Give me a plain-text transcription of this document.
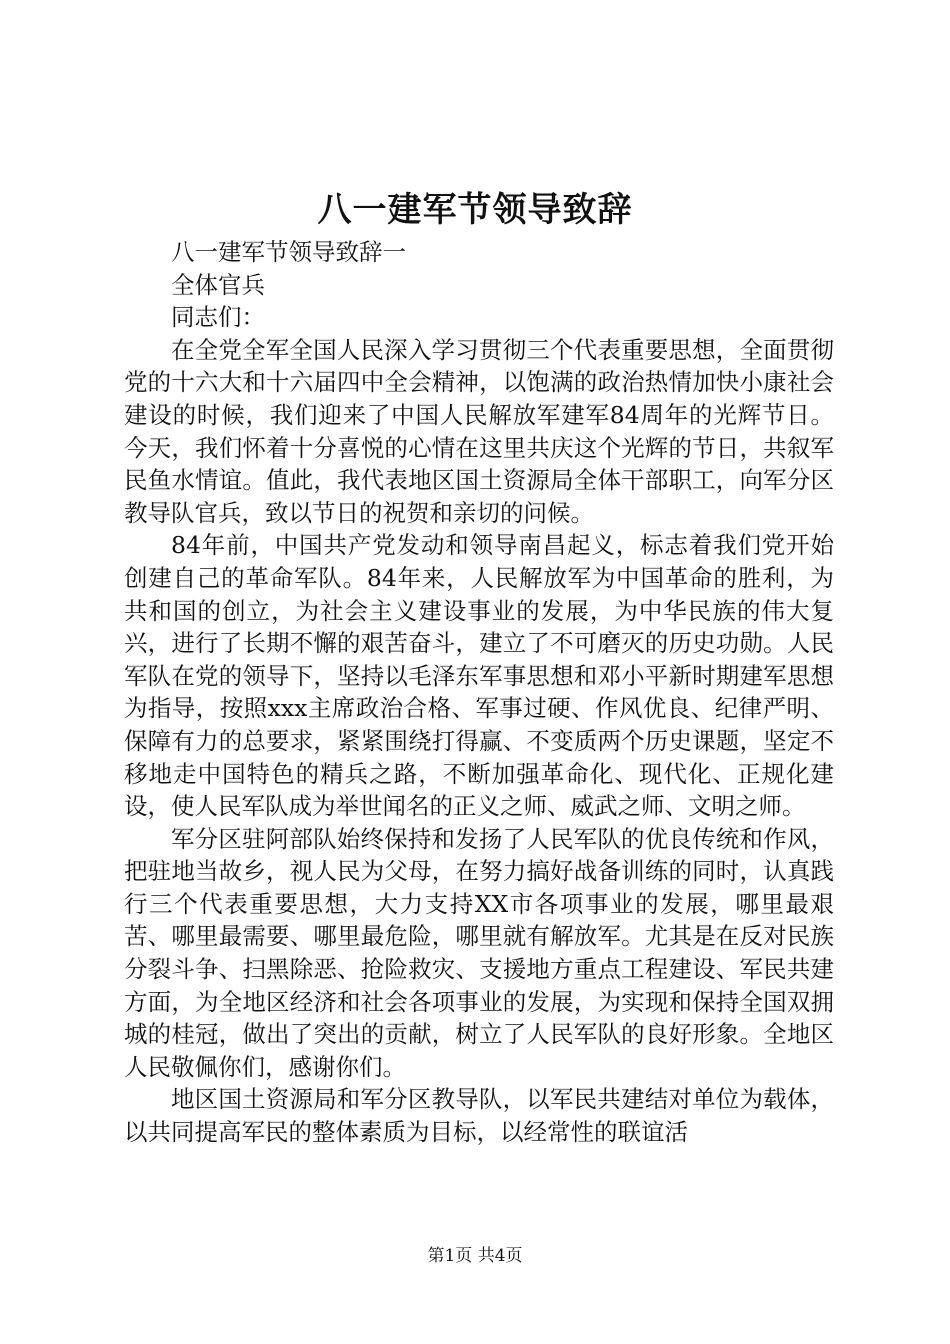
八一建军节领导致辞

八一建军节领导致辞一

全体官兵

同志们：

在全党全军全国人民深入学习贯彻三个代表重要思想，全面贯彻党的十六大和十六届四中全会精神，以饱满的政治热情加快小康社会建设的时候，我们迎来了中国人民解放军建军84周年的光辉节日。今天，我们怀着十分喜悦的心情在这里共庆这个光辉的节日，共叙军民鱼水情谊。值此，我代表地区国土资源局全体干部职工，向军分区教导队官兵，致以节日的祝贺和亲切的问候。

84年前，中国共产党发动和领导南昌起义，标志着我们党开始创建自己的革命军队。84年来，人民解放军为中国革命的胜利，为共和国的创立，为社会主义建设事业的发展，为中华民族的伟大复兴，进行了长期不懈的艰苦奋斗，建立了不可磨灭的历史功勋。人民军队在党的领导下，坚持以毛泽东军事思想和邓小平新时期建军思想为指导，按照xxx主席政治合格、军事过硬、作风优良、纪律严明、保障有力的总要求，紧紧围绕打得赢、不变质两个历史课题，坚定不移地走中国特色的精兵之路，不断加强革命化、现代化、正规化建设，使人民军队成为举世闻名的正义之师、威武之师、文明之师。

军分区驻阿部队始终保持和发扬了人民军队的优良传统和作风，把驻地当故乡，视人民为父母，在努力搞好战备训练的同时，认真践行三个代表重要思想，大力支持XX市各项事业的发展，哪里最艰苦、哪里最需要、哪里最危险，哪里就有解放军。尤其是在反对民族分裂斗争、扫黑除恶、抢险救灾、支援地方重点工程建设、军民共建方面，为全地区经济和社会各项事业的发展，为实现和保持全国双拥城的桂冠，做出了突出的贡献，树立了人民军队的良好形象。全地区人民敬佩你们，感谢你们。

地区国土资源局和军分区教导队，以军民共建结对单位为载体，以共同提高军民的整体素质为目标，以经常性的联谊活

第1页 共4页
